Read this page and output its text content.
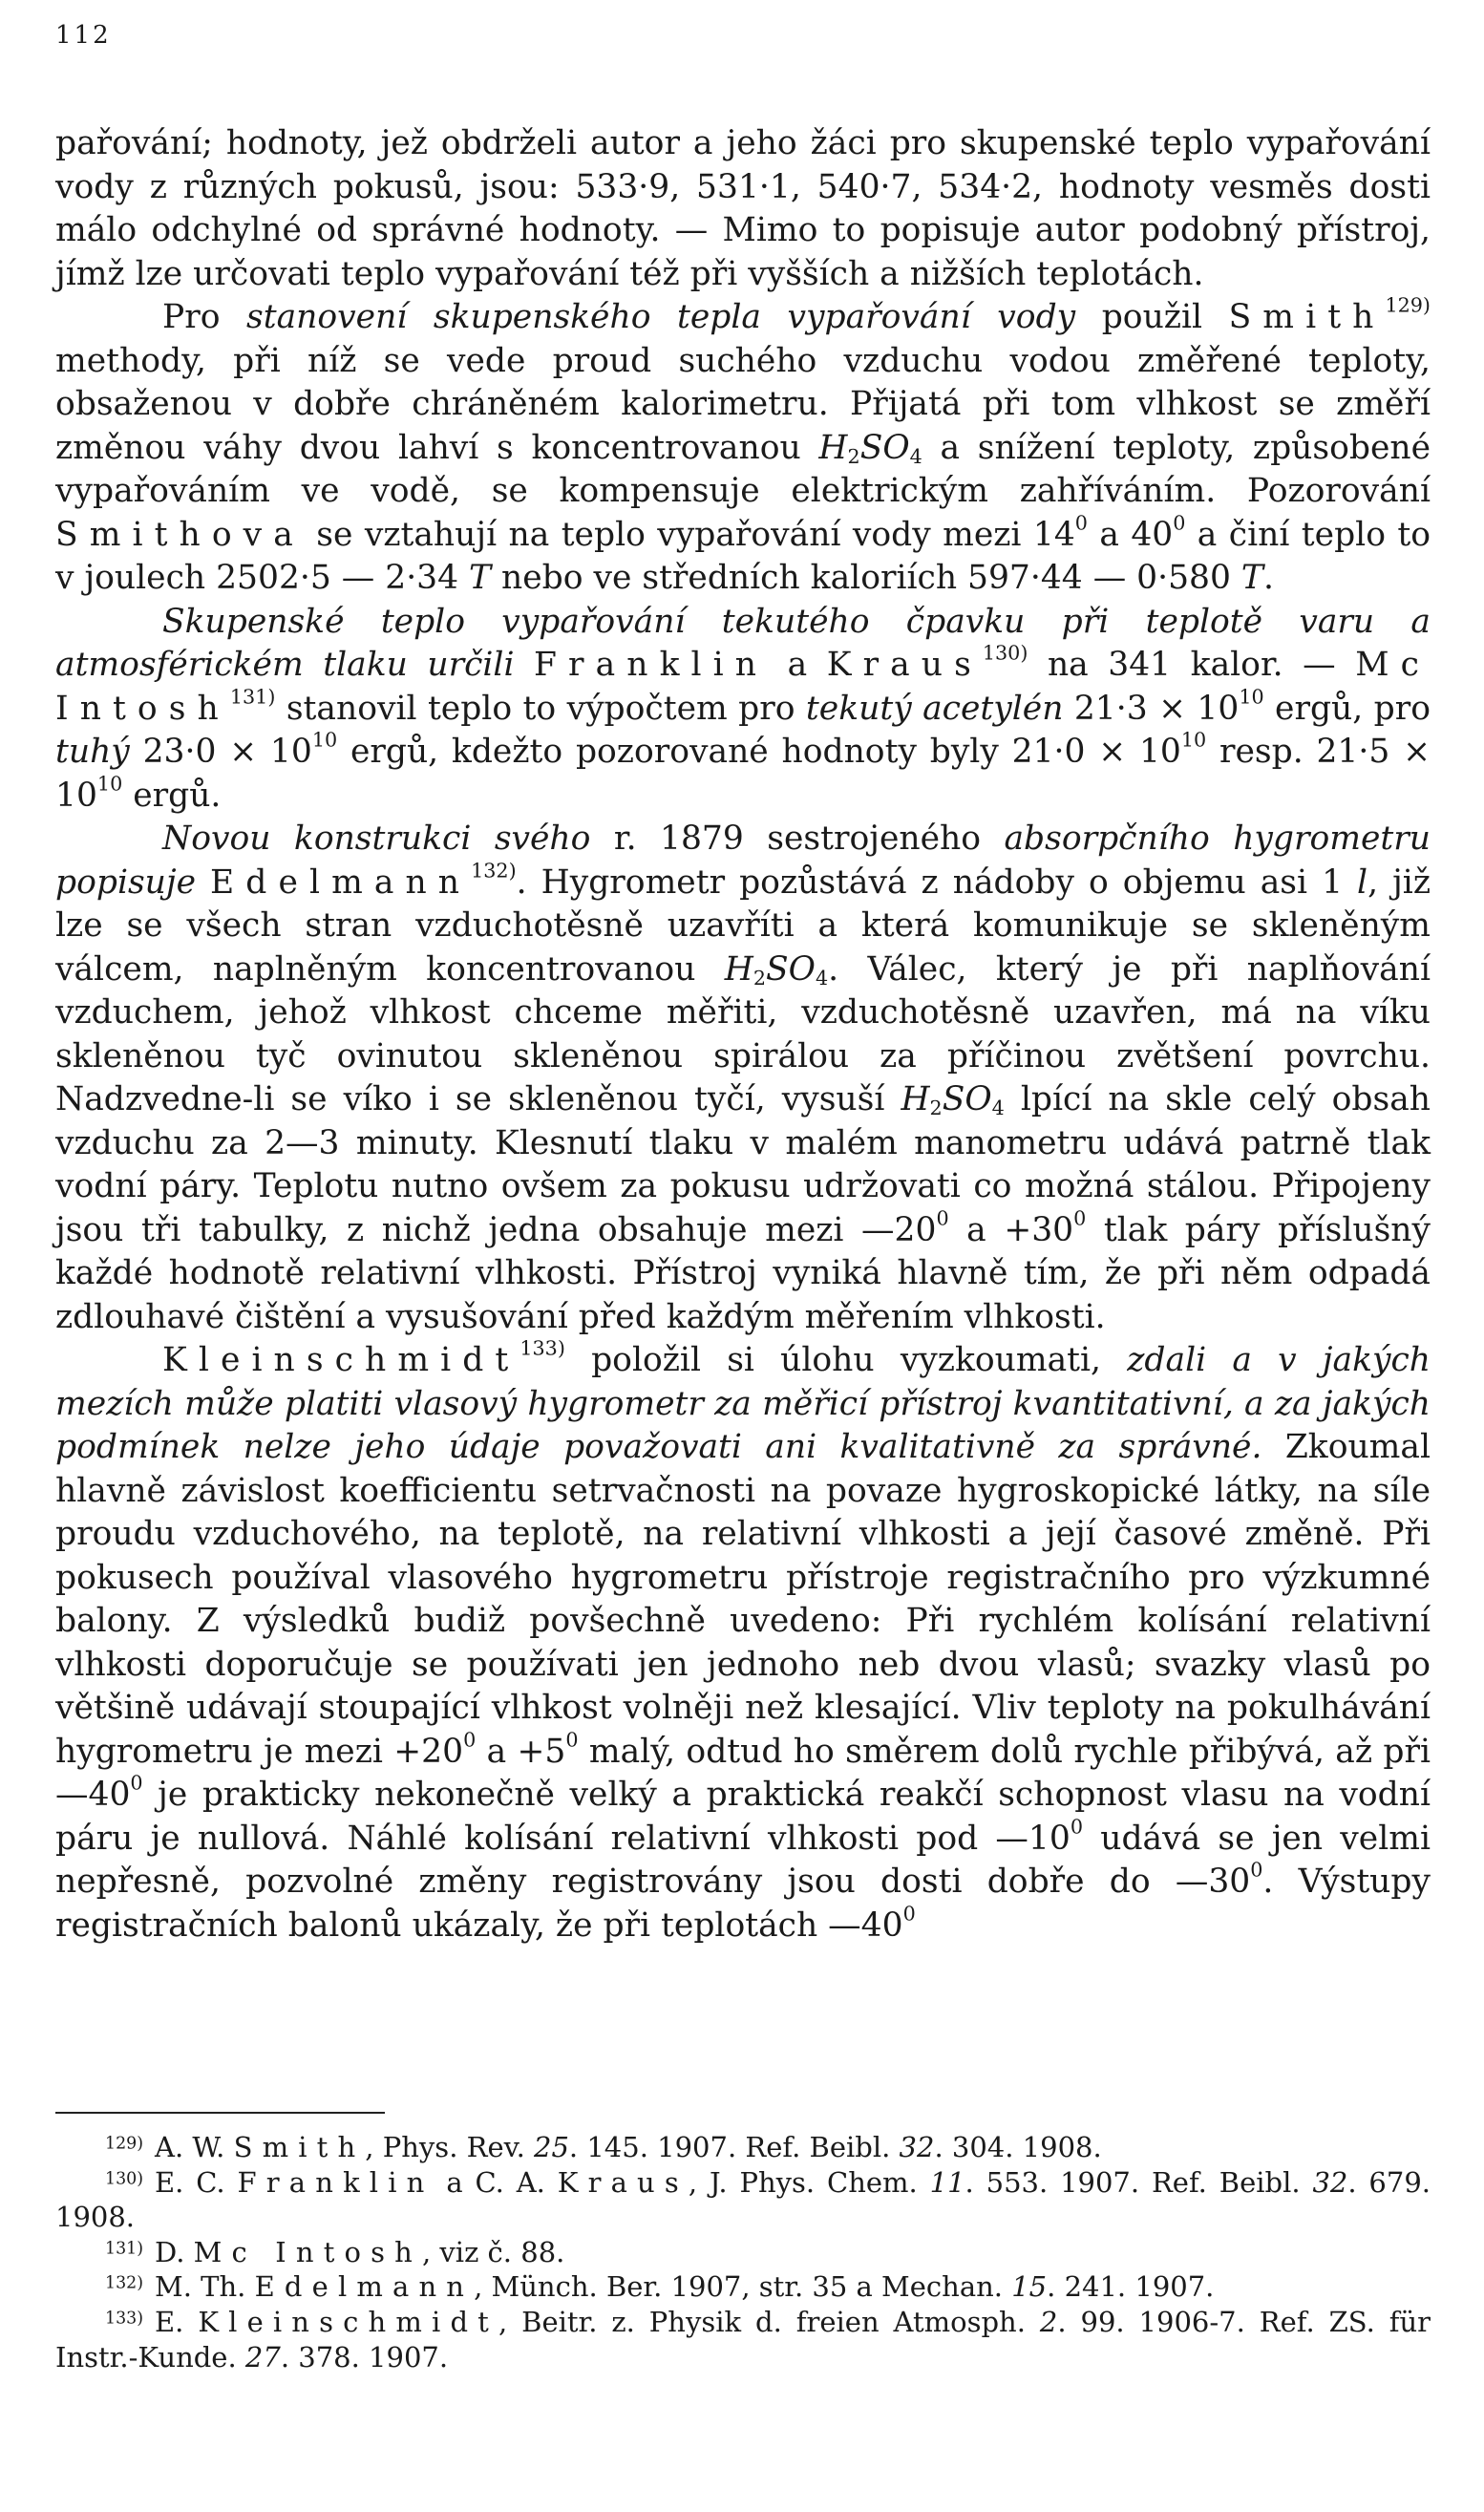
112

pařování; hodnoty, jež obdrželi autor a jeho žáci pro skupenské teplo vypařování vody z různých pokusů, jsou: 533·9, 531·1, 540·7, 534·2, hodnoty vesměs dosti málo odchylné od správné hodnoty. — Mimo to popisuje autor podobný přístroj, jímž lze určovati teplo vypařování též při vyšších a nižších teplotách.

Pro stanovení skupenského tepla vypařování vody použil Smith$^{129)}$ methody, při níž se vede proud suchého vzduchu vodou změřené teploty, obsaženou v dobře chráněném kalorimetru. Přijatá při tom vlhkost se změří změnou váhy dvou lahví s koncentrovanou $H_2SO_4$ a snížení teploty, způsobené vypařováním ve vodě, se kompensuje elektrickým zahříváním. Pozorování Smithova se vztahují na teplo vypařování vody mezi $14^0$ a $40^0$ a činí teplo to v joulech 2502·5 — 2·34 T nebo ve středních kaloriích 597·44 — 0·580 T.

Skupenské teplo vypařování tekutého čpavku při teplotě varu a atmosférickém tlaku určili Franklin a Kraus$^{130)}$ na 341 kalor. — Mc Intosh$^{131)}$ stanovil teplo to výpočtem pro tekutý acetylén $21\cdot 3 \times 10^{10}$ ergů, pro tuhý $23\cdot 0 \times 10^{10}$ ergů, kdežto pozorované hodnoty byly $21\cdot 0 \times 10^{10}$ resp. $21\cdot 5 \times 10^{10}$ ergů.

Novou konstrukci svého r. 1879 sestrojeného absorpčního hygrometru popisuje Edelmann$^{132)}$. Hygrometr pozůstává z nádoby o objemu asi 1 l, již lze se všech stran vzduchotěsně uzavříti a která komunikuje se skleněným válcem, naplněným koncentrovanou $H_2SO_4$. Válec, který je při naplňování vzduchem, jehož vlhkost chceme měřiti, vzduchotěsně uzavřen, má na víku skleněnou tyč ovinutou skleněnou spirálou za příčinou zvětšení povrchu. Nadzvedne-li se víko i se skleněnou tyčí, vysuší $H_2SO_4$ lpící na skle celý obsah vzduchu za 2—3 minuty. Klesnutí tlaku v malém manometru udává patrně tlak vodní páry. Teplotu nutno ovšem za pokusu udržovati co možná stálou. Připojeny jsou tři tabulky, z nichž jedna obsahuje mezi $—20^0$ $a +30^0$ tlak páry příslušný každé hodnotě relativní vlhkosti. Přístroj vyniká hlavně tím, že při něm odpadá zdlouhavé čištění a vysušování před každým měřením vlhkosti.

Kleinschmidt$^{133)}$ položil si úlohu vyzkoumati, zdali a v jakých mezích může platiti vlasový hygrometr za měřicí přístroj kvantitativní, a za jakých podmínek nelze jeho údaje považovati ani kvalitativně za správné. Zkoumal hlavně závislost koefficientu setrvačnosti na povaze hygroskopické látky, na síle proudu vzduchového, na teplotě, na relativní vlhkosti a její časové změně. Při pokusech používal vlasového hygrometru přístroje registračního pro výzkumné balony. Z výsledků budiž povšechně uvedeno: Při rychlém kolísání relativní vlhkosti doporučuje se používati jen jednoho neb dvou vlasů; svazky vlasů po většině udávají stoupající vlhkost volněji než klesající. Vliv teploty na pokulhávání hygrometru je mezi $+20^0$ $a +5^0$ malý, odtud ho směrem dolů rychle přibývá, až při $—40^0$ je prakticky nekonečně velký a praktická reakčí schopnost vlasu na vodní páru je nullová. Náhlé kolísání relativní vlhkosti pod $—10^0$ udává se jen velmi nepřesně, pozvolné změny registrovány jsou dosti dobře do $—30^0$. Výstupy registračních balonů ukázaly, že při teplotách $—40^0$

$^{129)}$ A. W. Smith, Phys. Rev. 25. 145. 1907. Ref. Beibl. 32. 304. 1908.

$^{130)}$ E. C. Franklin a C. A. Kraus, J. Phys. Chem. 11. 553. 1907. Ref. Beibl. 32. 679. 1908.

$^{131)}$ D. Mc Intosh, viz č. 88.

$^{132)}$ M. Th. Edelmann, Münch. Ber. 1907, str. 35 a Mechan. 15. 241. 1907.

$^{133)}$ E. Kleinschmidt, Beitr. z. Physik d. freien Atmosph. 2. 99. 1906-7. Ref. ZS. für Instr.-Kunde. 27. 378. 1907.
